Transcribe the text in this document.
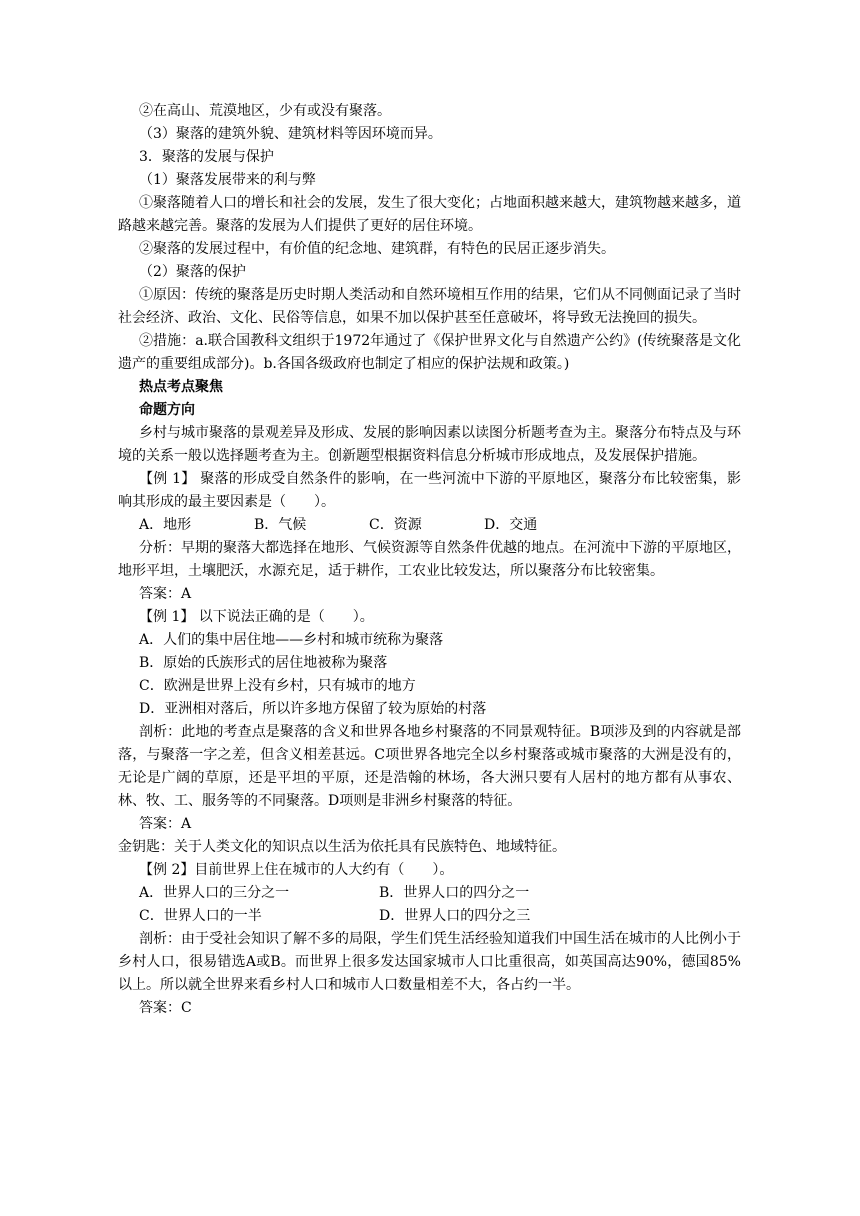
②在高山、荒漠地区，少有或没有聚落。

（3）聚落的建筑外貌、建筑材料等因环境而异。

3．聚落的发展与保护

（1）聚落发展带来的利与弊

①聚落随着人口的增长和社会的发展，发生了很大变化；占地面积越来越大，建筑物越来越多，道路越来越完善。聚落的发展为人们提供了更好的居住环境。

②聚落的发展过程中，有价值的纪念地、建筑群，有特色的民居正逐步消失。

（2）聚落的保护

①原因：传统的聚落是历史时期人类活动和自然环境相互作用的结果，它们从不同侧面记录了当时社会经济、政治、文化、民俗等信息，如果不加以保护甚至任意破坏，将导致无法挽回的损失。

②措施：a.联合国教科文组织于1972年通过了《保护世界文化与自然遗产公约》(传统聚落是文化遗产的重要组成部分)。b.各国各级政府也制定了相应的保护法规和政策。)

热点考点聚焦

命题方向

乡村与城市聚落的景观差异及形成、发展的影响因素以读图分析题考查为主。聚落分布特点及与环境的关系一般以选择题考查为主。创新题型根据资料信息分析城市形成地点，及发展保护措施。

【例 1】 聚落的形成受自然条件的影响，在一些河流中下游的平原地区，聚落分布比较密集，影响其形成的最主要因素是（　　）。

A．地形	B．气候	C．资源	D．交通

分析：早期的聚落大都选择在地形、气候资源等自然条件优越的地点。在河流中下游的平原地区，地形平坦，土壤肥沃，水源充足，适于耕作，工农业比较发达，所以聚落分布比较密集。

答案：A

【例 1】 以下说法正确的是（　　）。

A．人们的集中居住地——乡村和城市统称为聚落

B．原始的氏族形式的居住地被称为聚落

C．欧洲是世界上没有乡村，只有城市的地方

D．亚洲相对落后，所以许多地方保留了较为原始的村落

剖析：此地的考查点是聚落的含义和世界各地乡村聚落的不同景观特征。B项涉及到的内容就是部落，与聚落一字之差，但含义相差甚远。C项世界各地完全以乡村聚落或城市聚落的大洲是没有的，无论是广阔的草原，还是平坦的平原，还是浩翰的林场，各大洲只要有人居村的地方都有从事农、林、牧、工、服务等的不同聚落。D项则是非洲乡村聚落的特征。

答案：A

金钥匙：关于人类文化的知识点以生活为依托具有民族特色、地域特征。

【例 2】目前世界上住在城市的人大约有（　　）。

A．世界人口的三分之一	B．世界人口的四分之一
C．世界人口的一半	D．世界人口的四分之三

剖析：由于受社会知识了解不多的局限，学生们凭生活经验知道我们中国生活在城市的人比例小于乡村人口，很易错选A或B。而世界上很多发达国家城市人口比重很高，如英国高达90%，德国85%以上。所以就全世界来看乡村人口和城市人口数量相差不大，各占约一半。

答案：C
